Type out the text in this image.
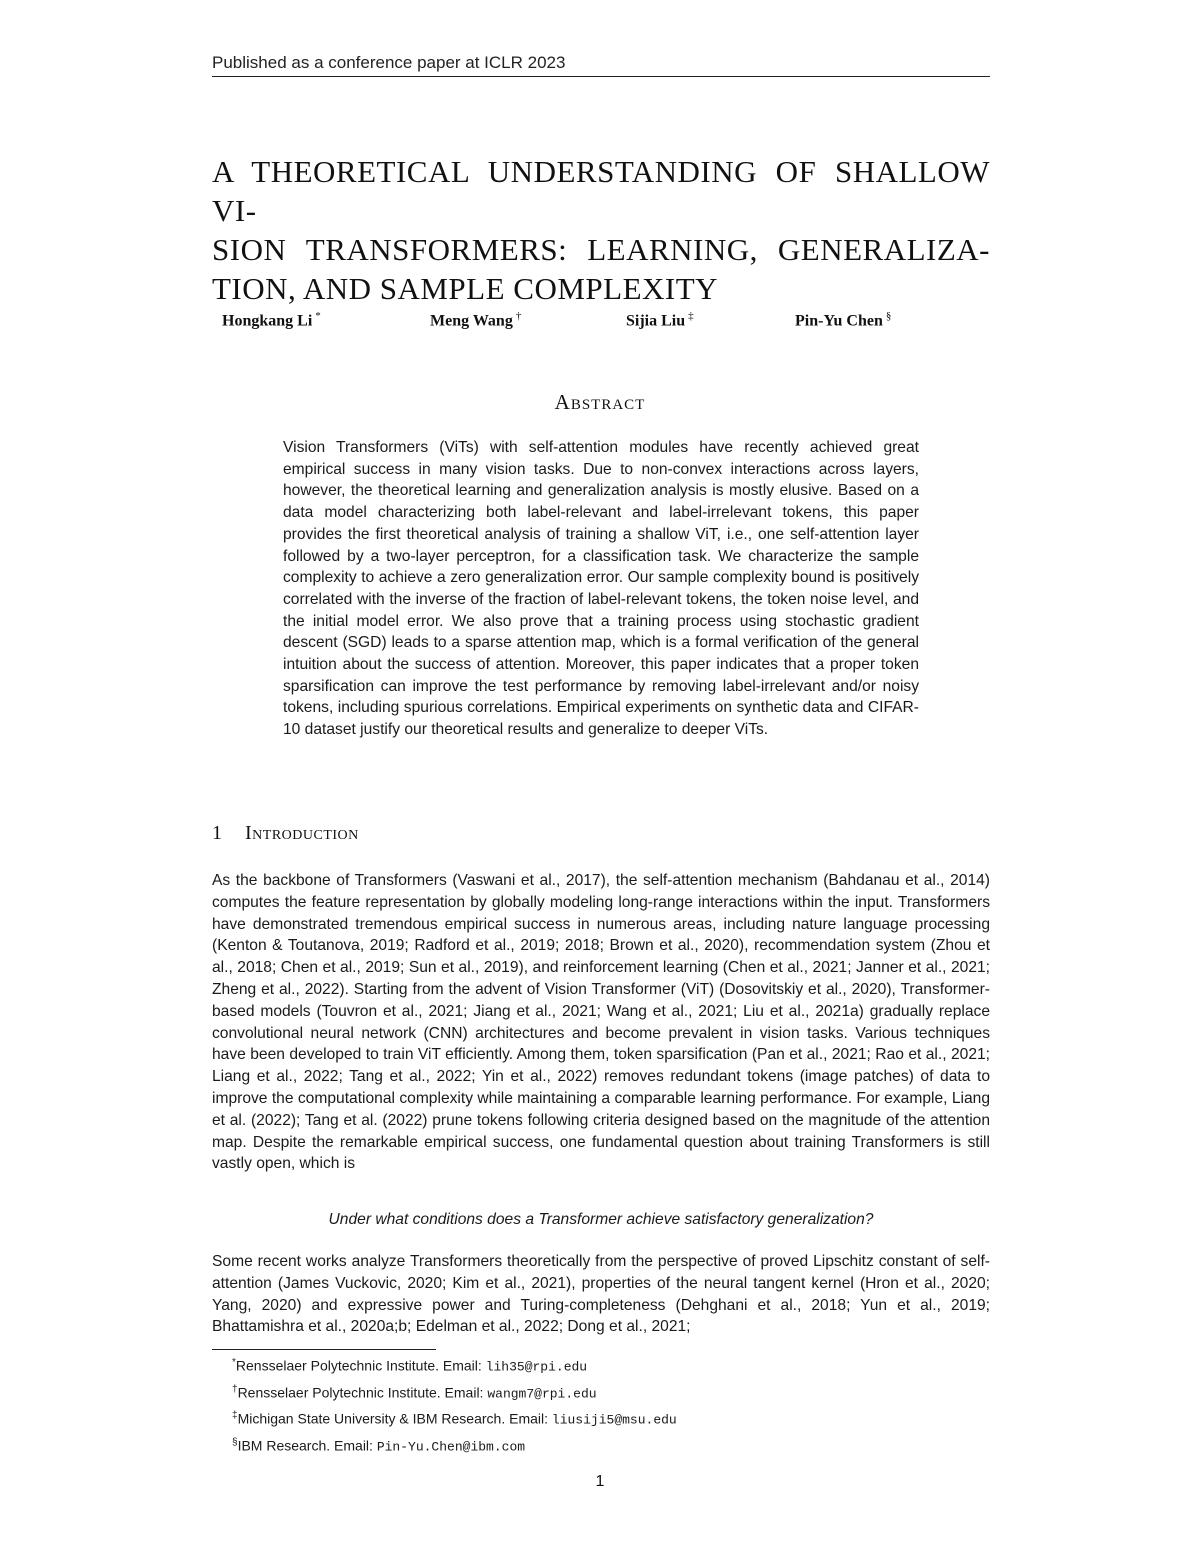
Published as a conference paper at ICLR 2023
A THEORETICAL UNDERSTANDING OF SHALLOW VI-
SION TRANSFORMERS: LEARNING, GENERALIZA-
TION, AND SAMPLE COMPLEXITY
Hongkang Li *	Meng Wang †	Sijia Liu ‡	Pin-Yu Chen §
Abstract
Vision Transformers (ViTs) with self-attention modules have recently achieved great empirical success in many vision tasks. Due to non-convex interactions across layers, however, the theoretical learning and generalization analysis is mostly elusive. Based on a data model characterizing both label-relevant and label-irrelevant tokens, this paper provides the first theoretical analysis of training a shallow ViT, i.e., one self-attention layer followed by a two-layer perceptron, for a classification task. We characterize the sample complexity to achieve a zero generalization error. Our sample complexity bound is positively correlated with the inverse of the fraction of label-relevant tokens, the token noise level, and the initial model error. We also prove that a training process using stochastic gradient descent (SGD) leads to a sparse attention map, which is a formal verification of the general intuition about the success of attention. Moreover, this paper indicates that a proper token sparsification can improve the test performance by removing label-irrelevant and/or noisy tokens, including spurious correlations. Empirical experiments on synthetic data and CIFAR-10 dataset justify our theoretical results and generalize to deeper ViTs.
1 Introduction
As the backbone of Transformers (Vaswani et al., 2017), the self-attention mechanism (Bahdanau et al., 2014) computes the feature representation by globally modeling long-range interactions within the input. Transformers have demonstrated tremendous empirical success in numerous areas, including nature language processing (Kenton & Toutanova, 2019; Radford et al., 2019; 2018; Brown et al., 2020), recommendation system (Zhou et al., 2018; Chen et al., 2019; Sun et al., 2019), and reinforcement learning (Chen et al., 2021; Janner et al., 2021; Zheng et al., 2022). Starting from the advent of Vision Transformer (ViT) (Dosovitskiy et al., 2020), Transformer-based models (Touvron et al., 2021; Jiang et al., 2021; Wang et al., 2021; Liu et al., 2021a) gradually replace convolutional neural network (CNN) architectures and become prevalent in vision tasks. Various techniques have been developed to train ViT efficiently. Among them, token sparsification (Pan et al., 2021; Rao et al., 2021; Liang et al., 2022; Tang et al., 2022; Yin et al., 2022) removes redundant tokens (image patches) of data to improve the computational complexity while maintaining a comparable learning performance. For example, Liang et al. (2022); Tang et al. (2022) prune tokens following criteria designed based on the magnitude of the attention map. Despite the remarkable empirical success, one fundamental question about training Transformers is still vastly open, which is
Under what conditions does a Transformer achieve satisfactory generalization?
Some recent works analyze Transformers theoretically from the perspective of proved Lipschitz constant of self-attention (James Vuckovic, 2020; Kim et al., 2021), properties of the neural tangent kernel (Hron et al., 2020; Yang, 2020) and expressive power and Turing-completeness (Dehghani et al., 2018; Yun et al., 2019; Bhattamishra et al., 2020a;b; Edelman et al., 2022; Dong et al., 2021;
*Rensselaer Polytechnic Institute. Email: lih35@rpi.edu
†Rensselaer Polytechnic Institute. Email: wangm7@rpi.edu
‡Michigan State University & IBM Research. Email: liusiji5@msu.edu
§IBM Research. Email: Pin-Yu.Chen@ibm.com
1
